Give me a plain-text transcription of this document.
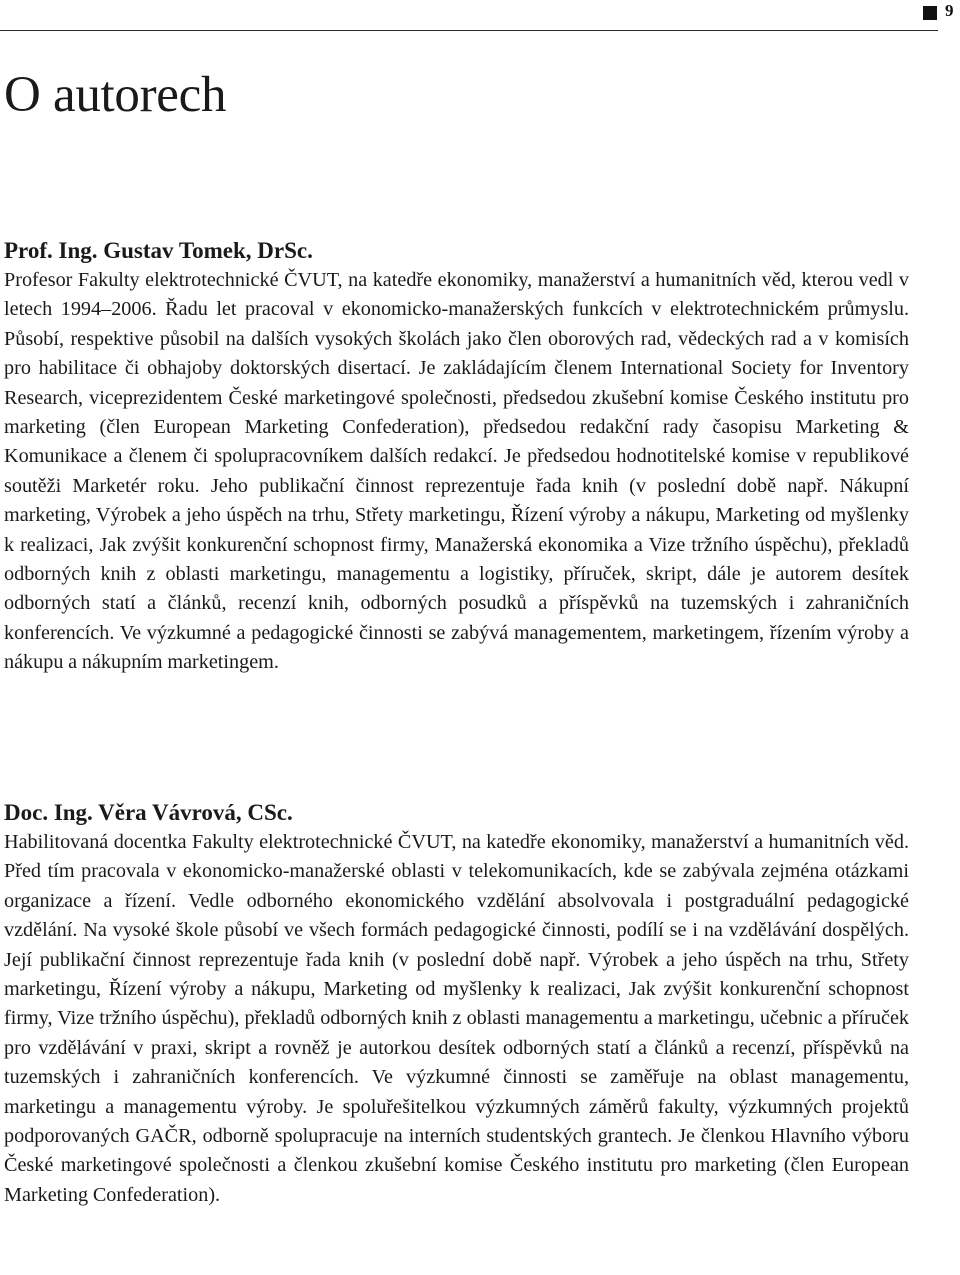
9
O autorech

Prof. Ing. Gustav Tomek, DrSc.

Profesor Fakulty elektrotechnické ČVUT, na katedře ekonomiky, manažerství a humanitních věd, kterou vedl v letech 1994–2006. Řadu let pracoval v ekonomicko-manažerských funkcích v elektrotechnickém průmyslu. Působí, respektive působil na dalších vysokých školách jako člen oborových rad, vědeckých rad a v komisích pro habilitace či obhajoby doktorských disertací. Je zakládajícím členem International Society for Inventory Research, viceprezidentem České marketingové společnosti, předsedou zkušební komise Českého institutu pro marketing (člen European Marketing Confederation), předsedou redakční rady časopisu Marketing & Komunikace a členem či spolupracovníkem dalších redakcí. Je předsedou hodnotitelské komise v republikové soutěži Marketér roku. Jeho publikační činnost reprezentuje řada knih (v poslední době např. Nákupní marketing, Výrobek a jeho úspěch na trhu, Střety marketingu, Řízení výroby a nákupu, Marketing od myšlenky k realizaci, Jak zvýšit konkurenční schopnost firmy, Manažerská ekonomika a Vize tržního úspěchu), překladů odborných knih z oblasti marketingu, managementu a logistiky, příruček, skript, dále je autorem desítek odborných statí a článků, recenzí knih, odborných posudků a příspěvků na tuzemských i zahraničních konferencích. Ve výzkumné a pedagogické činnosti se zabývá managementem, marketingem, řízením výroby a nákupu a nákupním marketingem.

Doc. Ing. Věra Vávrová, CSc.

Habilitovaná docentka Fakulty elektrotechnické ČVUT, na katedře ekonomiky, manažerství a humanitních věd. Před tím pracovala v ekonomicko-manažerské oblasti v telekomunikacích, kde se zabývala zejména otázkami organizace a řízení. Vedle odborného ekonomického vzdělání absolvovala i postgraduální pedagogické vzdělání. Na vysoké škole působí ve všech formách pedagogické činnosti, podílí se i na vzdělávání dospělých. Její publikační činnost reprezentuje řada knih (v poslední době např. Výrobek a jeho úspěch na trhu, Střety marketingu, Řízení výroby a nákupu, Marketing od myšlenky k realizaci, Jak zvýšit konkurenční schopnost firmy, Vize tržního úspěchu), překladů odborných knih z oblasti managementu a marketingu, učebnic a příruček pro vzdělávání v praxi, skript a rovněž je autorkou desítek odborných statí a článků a recenzí, příspěvků na tuzemských i zahraničních konferencích. Ve výzkumné činnosti se zaměřuje na oblast managementu, marketingu a managementu výroby. Je spoluřešitelkou výzkumných záměrů fakulty, výzkumných projektů podporovaných GAČR, odborně spolupracuje na interních studentských grantech. Je členkou Hlavního výboru České marketingové společnosti a členkou zkušební komise Českého institutu pro marketing (člen European Marketing Confederation).
